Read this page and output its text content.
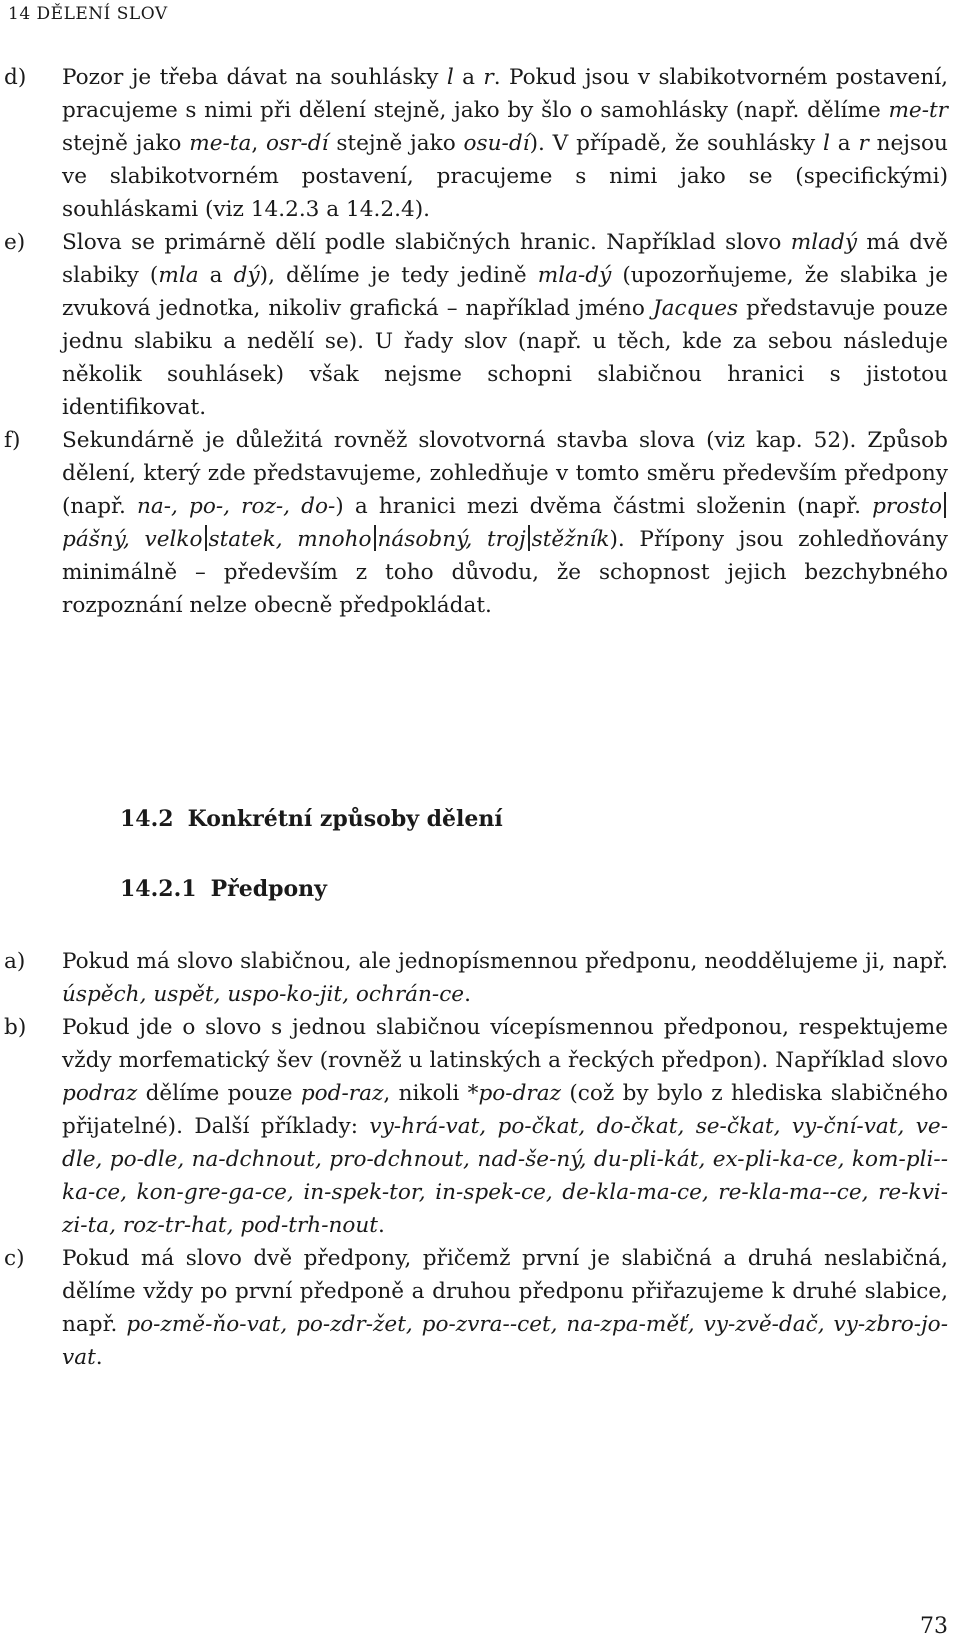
14 DĚLENÍ SLOV
d) Pozor je třeba dávat na souhlásky l a r. Pokud jsou v slabikotvorném postavení, pracujeme s nimi při dělení stejně, jako by šlo o samohlásky (např. dělíme me-tr stejně jako me-ta, osr-dí stejně jako osu-dí). V případě, že souhlásky l a r nejsou ve slabikotvorném postavení, pracujeme s nimi jako se (specifickými) souhláskami (viz 14.2.3 a 14.2.4).

e) Slova se primárně dělí podle slabičných hranic. Například slovo mladý má dvě slabiky (mla a dý), dělíme je tedy jedině mla-dý (upozorňujeme, že slabika je zvuková jednotka, nikoliv grafická – například jméno Jacques představuje pouze jednu slabiku a nedělí se). U řady slov (např. u těch, kde za sebou následuje několik souhlásek) však nejsme schopni slabičnou hranici s jistotou identifikovat.

f) Sekundárně je důležitá rovněž slovotvorná stavba slova (viz kap. 52). Způsob dělení, který zde představujeme, zohledňuje v tomto směru především předpony (např. na-, po-, roz-, do-) a hranici mezi dvěma částmi složenin (např. prostopášný, velko statek, mnoho násobný, troj stěžník). Přípony jsou zohledňovány minimálně – především z toho důvodu, že schopnost jejich bezchybného rozpoznání nelze obecně předpokládat.

14.2 Konkrétní způsoby dělení
14.2.1 Předpony
a) Pokud má slovo slabičnou, ale jednopísmennou předponu, neoddělujeme ji, např. úspěch, uspět, uspo-ko-jit, ochrán-ce.

b) Pokud jde o slovo s jednou slabičnou vícepísmennou předponou, respektujeme vždy morfematický šev (rovněž u latinských a řeckých předpon). Například slovo podraz dělíme pouze pod-raz, nikoli *po-draz (což by bylo z hlediska slabičného přijatelné). Další příklady: vy-hrá-vat, po-čkat, do-čkat, se-čkat, vy-ční-vat, ve-dle, po-dle, na-dchnout, pro-dchnout, nad-še-ný, du-pli-kát, ex-pli-ka-ce, kom-pli--ka-ce, kon-gre-ga-ce, in-spek-tor, in-spek-ce, de-kla-ma-ce, re-kla-ma--ce, re-kvi-zi-ta, roz-tr-hat, pod-trh-nout.

c) Pokud má slovo dvě předpony, přičemž první je slabičná a druhá neslabičná, dělíme vždy po první předponě a druhou předponu přiřazujeme k druhé slabice, např. po-změ-ňo-vat, po-zdr-žet, po-zvra--cet, na-zpa-měť, vy-zvě-dač, vy-zbro-jo-vat.

73
